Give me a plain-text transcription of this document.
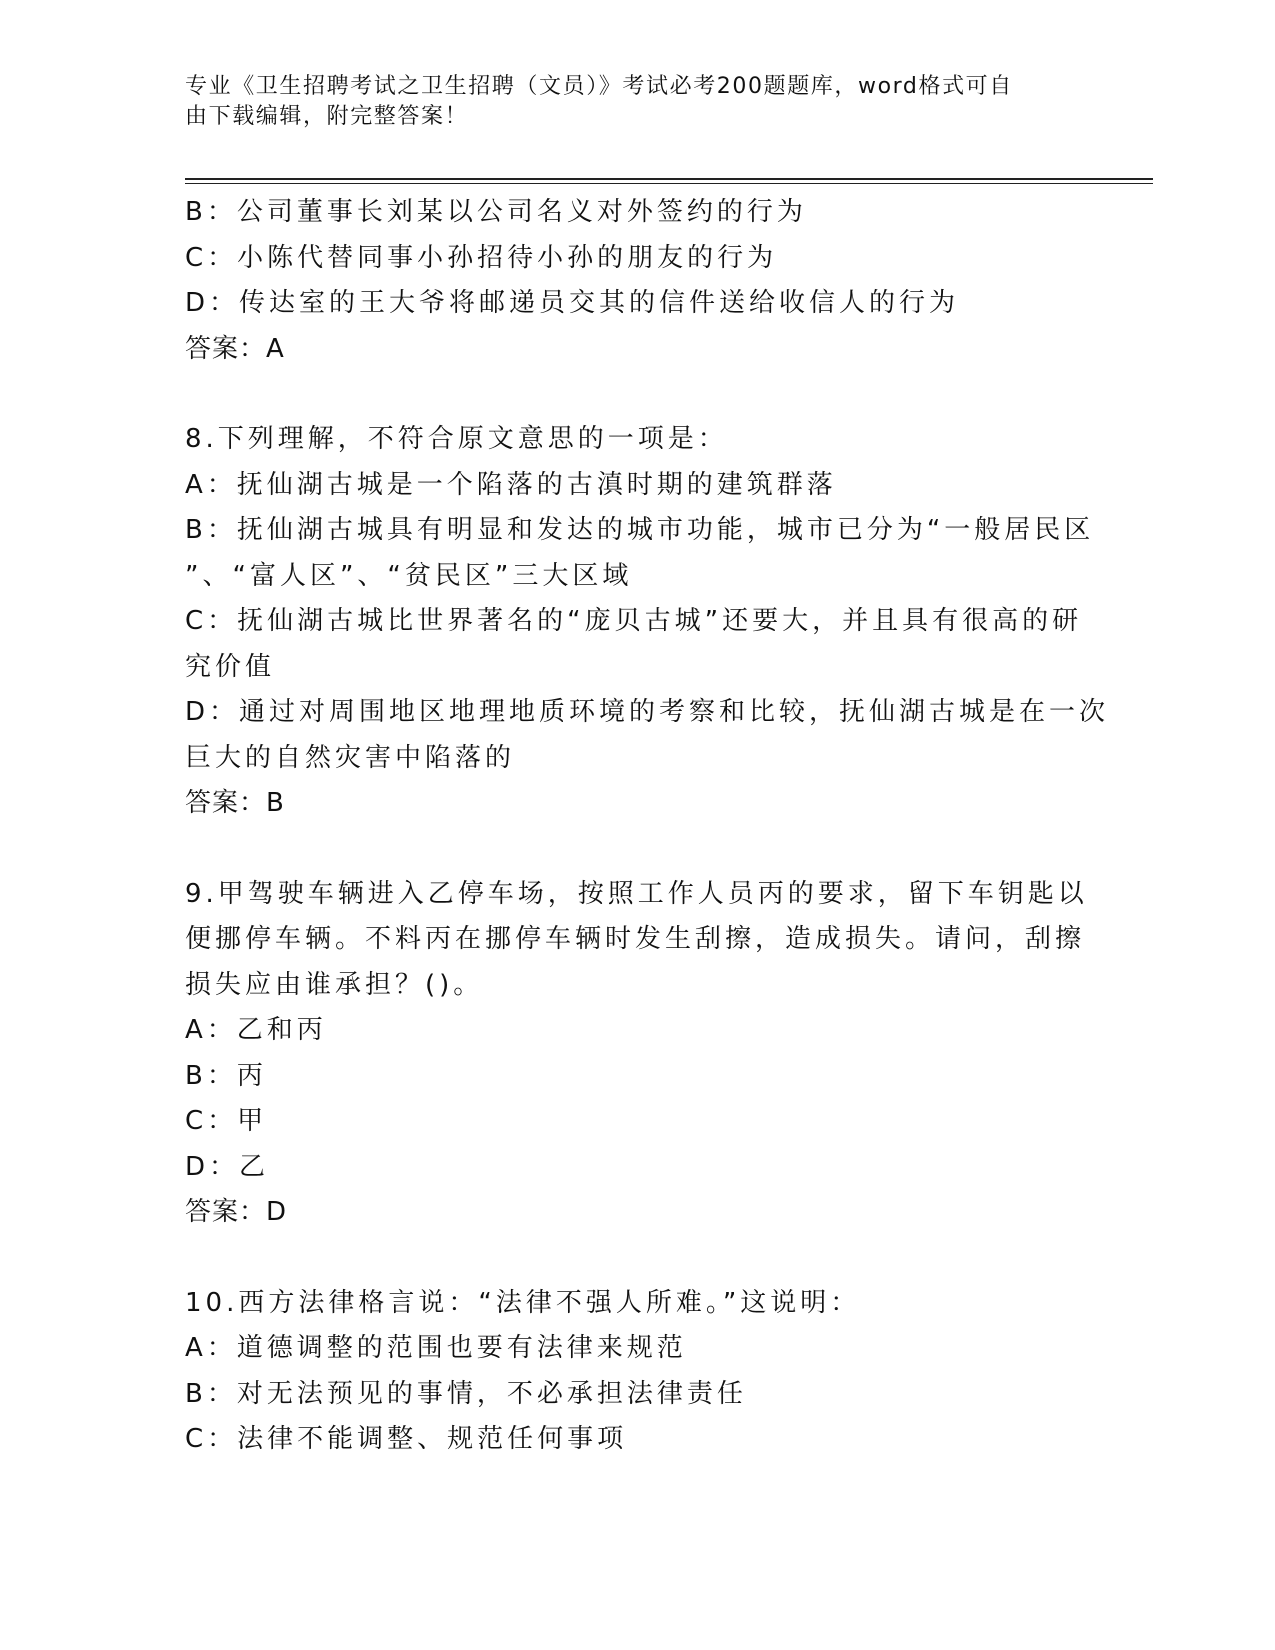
专业《卫生招聘考试之卫生招聘（文员）》考试必考200题题库，word格式可自
由下载编辑，附完整答案！
B：公司董事长刘某以公司名义对外签约的行为
C：小陈代替同事小孙招待小孙的朋友的行为
D：传达室的王大爷将邮递员交其的信件送给收信人的行为
答案：A
8.下列理解，不符合原文意思的一项是：
A：抚仙湖古城是一个陷落的古滇时期的建筑群落
B：抚仙湖古城具有明显和发达的城市功能，城市已分为“一般居民区
”、“富人区”、“贫民区”三大区域
C：抚仙湖古城比世界著名的“庞贝古城”还要大，并且具有很高的研
究价值
D：通过对周围地区地理地质环境的考察和比较，抚仙湖古城是在一次
巨大的自然灾害中陷落的
答案：B
9.甲驾驶车辆进入乙停车场，按照工作人员丙的要求，留下车钥匙以
便挪停车辆。不料丙在挪停车辆时发生刮擦，造成损失。请问，刮擦
损失应由谁承担？()。
A：乙和丙
B：丙
C：甲
D：乙
答案：D
10.西方法律格言说：“法律不强人所难。”这说明：
A：道德调整的范围也要有法律来规范
B：对无法预见的事情，不必承担法律责任
C：法律不能调整、规范任何事项
